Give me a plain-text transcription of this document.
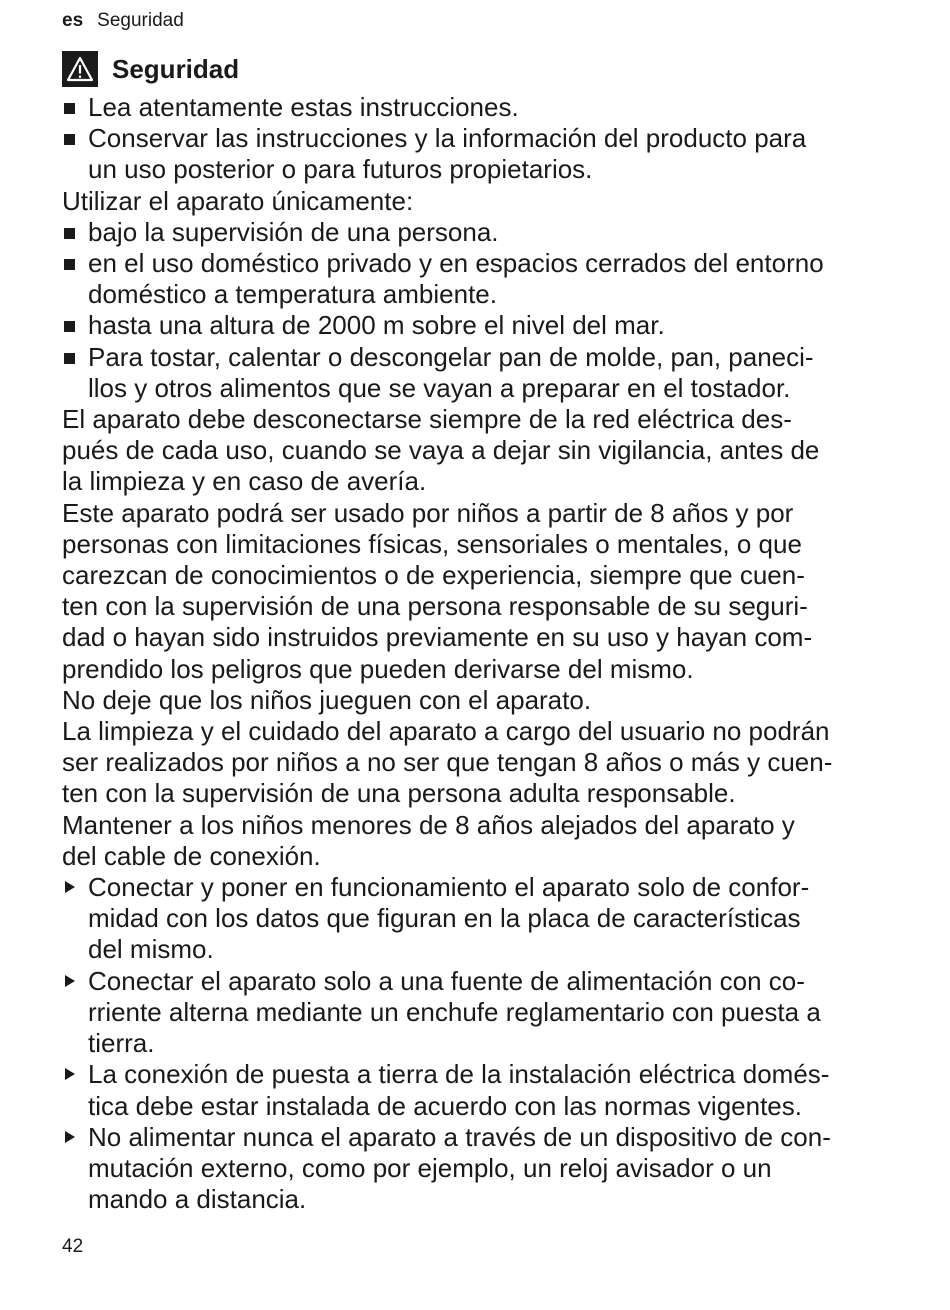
es Seguridad
Seguridad
Lea atentamente estas instrucciones.
Conservar las instrucciones y la información del producto para
un uso posterior o para futuros propietarios.
Utilizar el aparato únicamente:
bajo la supervisión de una persona.
en el uso doméstico privado y en espacios cerrados del entorno
doméstico a temperatura ambiente.
hasta una altura de 2000 m sobre el nivel del mar.
Para tostar, calentar o descongelar pan de molde, pan, paneci-
llos y otros alimentos que se vayan a preparar en el tostador.
El aparato debe desconectarse siempre de la red eléctrica des-
pués de cada uso, cuando se vaya a dejar sin vigilancia, antes de
la limpieza y en caso de avería.
Este aparato podrá ser usado por niños a partir de 8 años y por
personas con limitaciones físicas, sensoriales o mentales, o que
carezcan de conocimientos o de experiencia, siempre que cuen-
ten con la supervisión de una persona responsable de su seguri-
dad o hayan sido instruidos previamente en su uso y hayan com-
prendido los peligros que pueden derivarse del mismo.
No deje que los niños jueguen con el aparato.
La limpieza y el cuidado del aparato a cargo del usuario no podrán
ser realizados por niños a no ser que tengan 8 años o más y cuen-
ten con la supervisión de una persona adulta responsable.
Mantener a los niños menores de 8 años alejados del aparato y
del cable de conexión.
Conectar y poner en funcionamiento el aparato solo de confor-
midad con los datos que figuran en la placa de características
del mismo.
Conectar el aparato solo a una fuente de alimentación con co-
rriente alterna mediante un enchufe reglamentario con puesta a
tierra.
La conexión de puesta a tierra de la instalación eléctrica domés-
tica debe estar instalada de acuerdo con las normas vigentes.
No alimentar nunca el aparato a través de un dispositivo de con-
mutación externo, como por ejemplo, un reloj avisador o un
mando a distancia.
42
